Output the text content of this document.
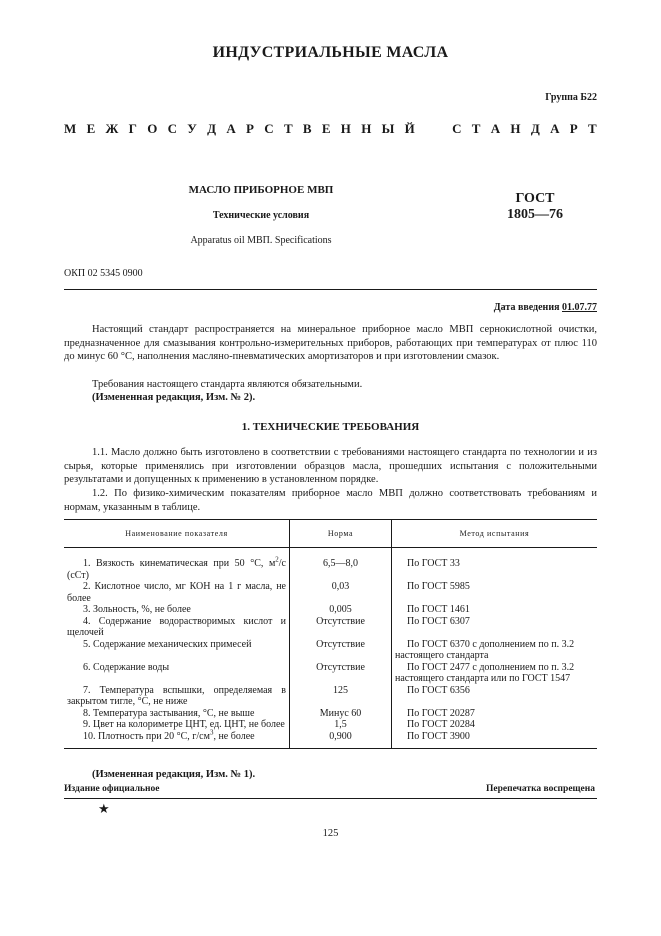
ИНДУСТРИАЛЬНЫЕ МАСЛА
Группа Б22
М Е Ж Г О С У Д А Р С Т В Е Н Н Ы Й

	С Т А Н Д А Р Т
МАСЛО ПРИБОРНОЕ МВП
Технические условия
Apparatus oil МВП. Specifications
ГОСТ
1805—76
ОКП 02 5345 0900
Дата введения 01.07.77
Настоящий стандарт распространяется на минеральное приборное масло МВП сернокислотной очистки, предназначенное для смазывания контрольно-измерительных приборов, работающих при температурах от плюс 110 до минус 60 °С, наполнения масляно-пневматических амортизаторов и при изготовлении смазок.
Требования настоящего стандарта являются обязательными.
(Измененная редакция, Изм. № 2).
1. ТЕХНИЧЕСКИЕ ТРЕБОВАНИЯ
1.1. Масло должно быть изготовлено в соответствии с требованиями настоящего стандарта по технологии и из сырья, которые применялись при изготовлении образцов масла, прошедших испытания с положительными результатами и допущенных к применению в установленном порядке.
1.2. По физико-химическим показателям приборное масло МВП должно соответствовать требованиям и нормам, указанным в таблице.
Наименование показателя	Норма	Метод испытания

1. Вязкость кинематическая при 50 °С, $м^2/с$ (сСт)	6,5—8,0	По ГОСТ 33
2. Кислотное число, мг КОН на 1 г масла, не более	0,03	По ГОСТ 5985
3. Зольность, %, не более	0,005	По ГОСТ 1461
4. Содержание водорастворимых кислот и щелочей	Отсутствие	По ГОСТ 6307
5. Содержание механических примесей	Отсутствие	По ГОСТ 6370 с дополнением по п. 3.2 настоящего стандарта
6. Содержание воды	Отсутствие	По ГОСТ 2477 с дополнением по п. 3.2 настоящего стандарта или по ГОСТ 1547
7. Температура вспышки, определяемая в закрытом тигле, °С, не ниже	125	По ГОСТ 6356
8. Температура застывания, °С, не выше	Минус 60	По ГОСТ 20287
9. Цвет на колориметре ЦНТ, ед. ЦНТ, не более	1,5	По ГОСТ 20284
10. Плотность при 20 °С, $г/см^3$, не более	0,900	По ГОСТ 3900
(Измененная редакция, Изм. № 1).
Издание официальное	Перепечатка воспрещена
★
125
